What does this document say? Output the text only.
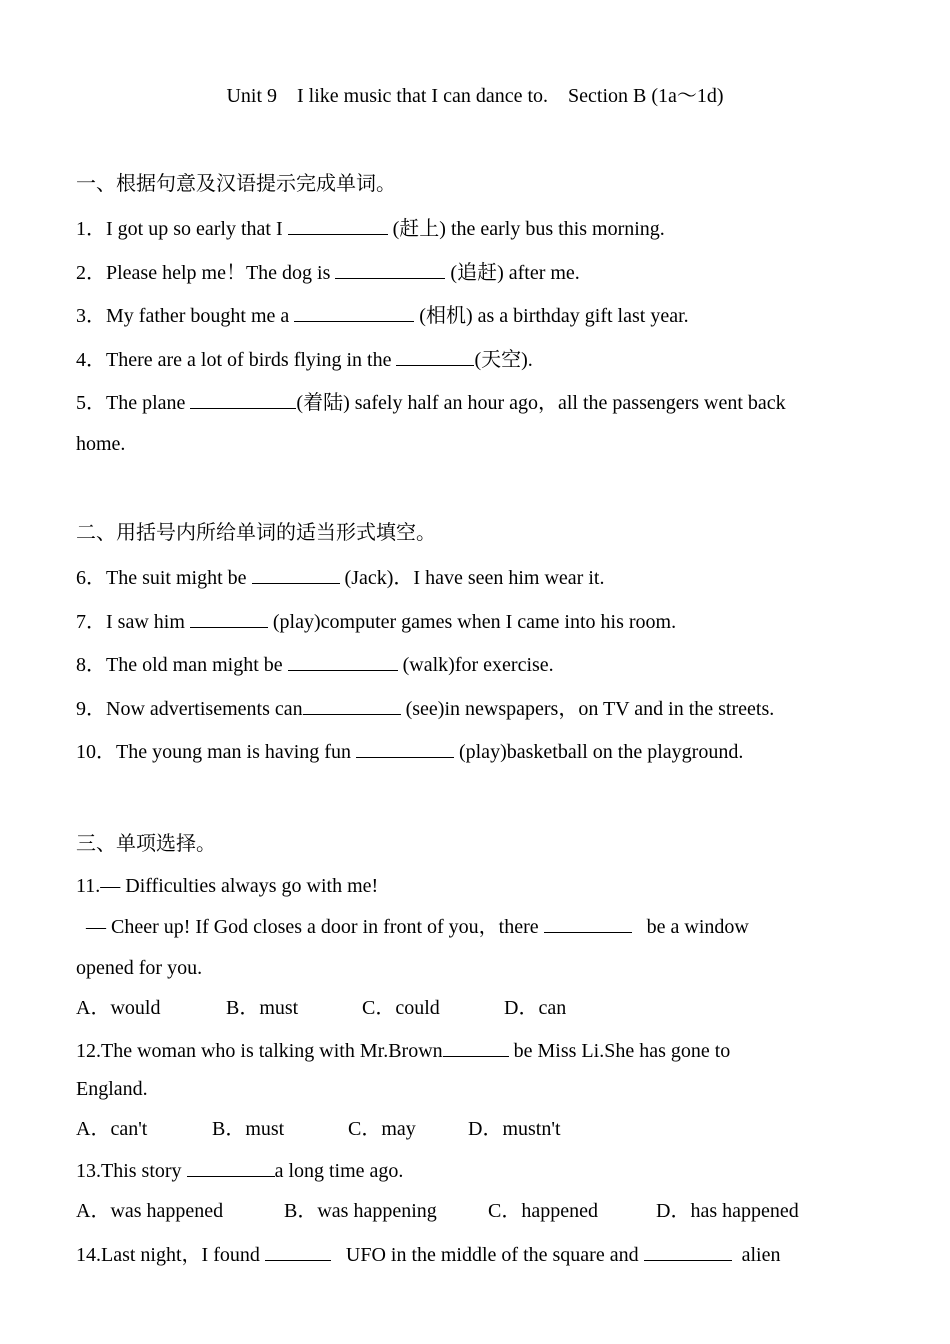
Unit 9    I like music that I can dance to.    Section B (1a～1d)
一、根据句意及汉语提示完成单词。
1．I got up so early that I	(赶上) the early bus this morning.
2．Please help me！The dog is	(追赶) after me.
3．My father bought me a	(相机) as a birthday gift last year.
4．There are a lot of birds flying in the	(天空).
5．The plane	(着陆) safely half an hour ago，all the passengers went back
home.
二、用括号内所给单词的适当形式填空。
6．The suit might be	(Jack)．I have seen him wear it.
7．I saw him	(play)computer games when I came into his room.
8．The old man might be	(walk)for exercise.
9．Now advertisements can	(see)in newspapers，on TV and in the streets.
10．The young man is having fun	(play)basketball on the playground.
三、单项选择。
11.— Difficulties always go with me!
— Cheer up! If God closes a door in front of you，there	be a window
opened for you.
A．would	B．must	C．could	D．can
12.The woman who is talking with Mr.Brown	be Miss Li.She has gone to
England.
A．can't	B．must	C．may	D．mustn't
13.This story	a long time ago.
A．was happened	B．was happening	C．happened	D．has happened
14.Last night，I found	UFO in the middle of the square and	alien
